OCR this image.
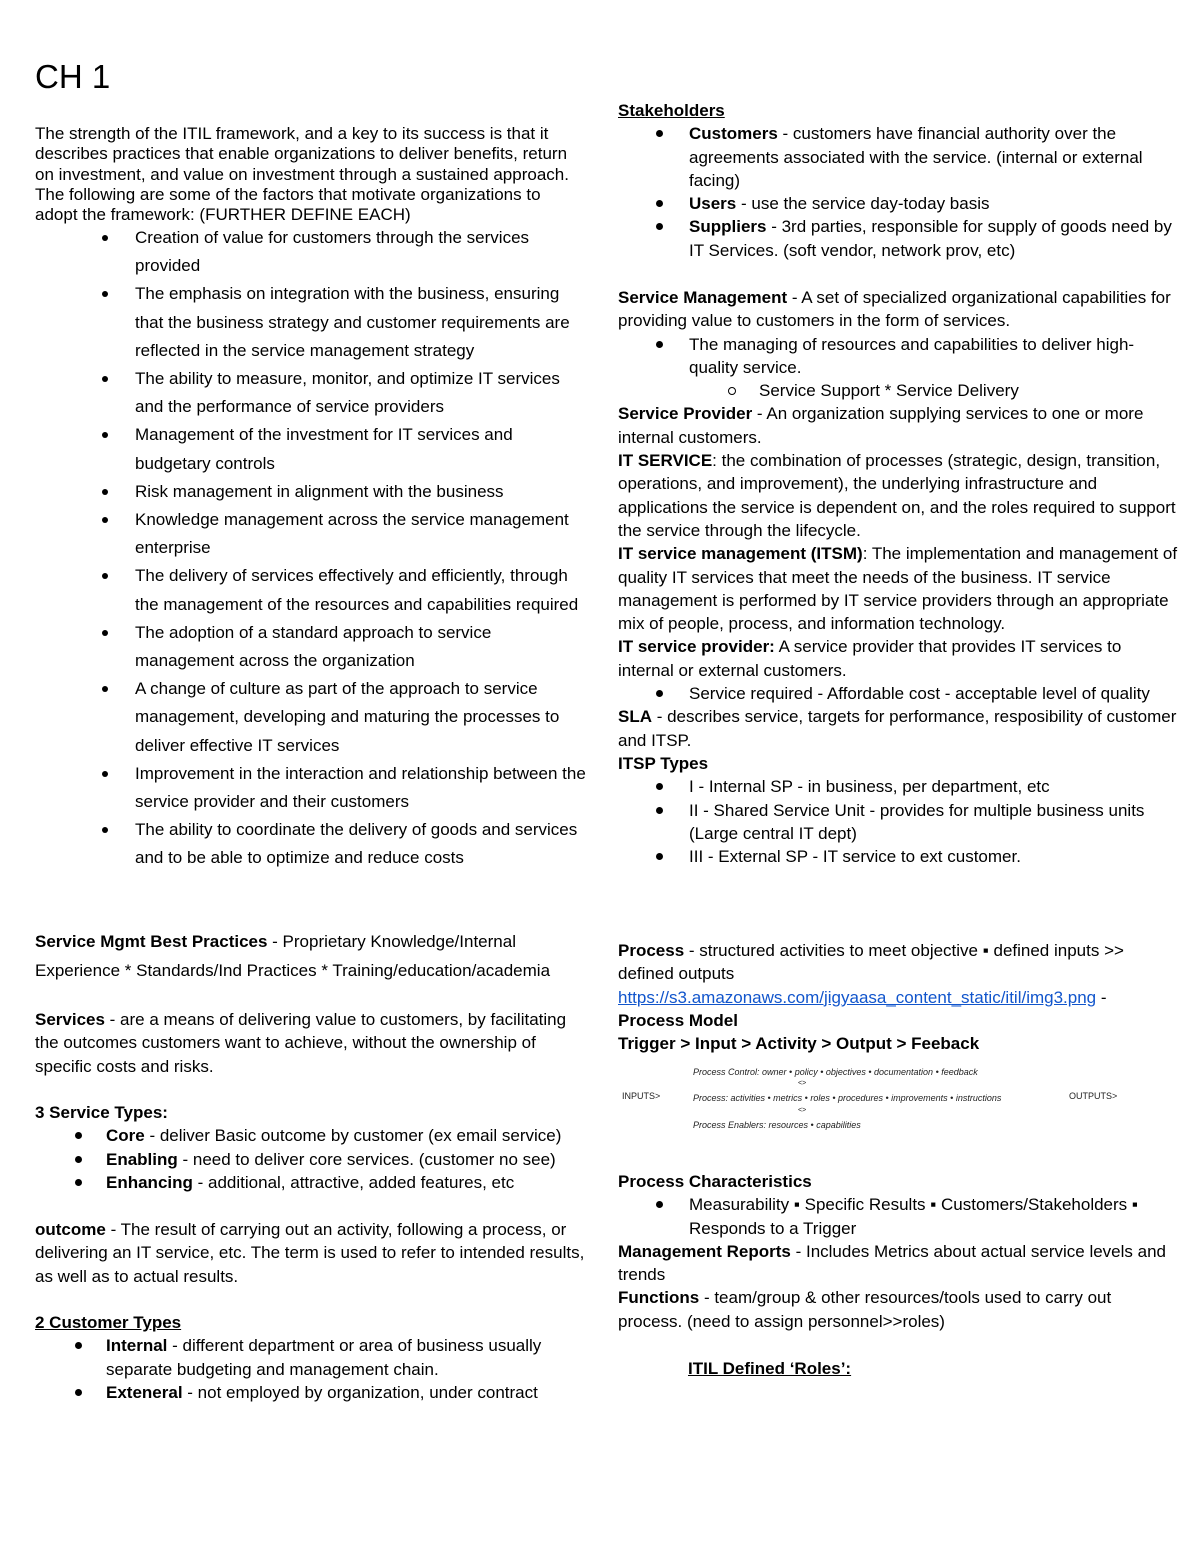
CH 1

The strength of the ITIL framework, and a key to its success is that it describes practices that enable organizations to deliver benefits, return on investment, and value on investment through a sustained approach. The following are some of the factors that motivate organizations to adopt the framework: (FURTHER DEFINE EACH)

Creation of value for customers through the services provided
The emphasis on integration with the business, ensuring that the business strategy and customer requirements are reflected in the service management strategy
The ability to measure, monitor, and optimize IT services and the performance of service providers
Management of the investment for IT services and budgetary controls
Risk management in alignment with the business
Knowledge management across the service management enterprise
The delivery of services effectively and efficiently, through the management of the resources and capabilities required
The adoption of a standard approach to service management across the organization
A change of culture as part of the approach to service management, developing and maturing the processes to deliver effective IT services
Improvement in the interaction and relationship between the service provider and their customers
The ability to coordinate the delivery of goods and services and to be able to optimize and reduce costs

Service Mgmt Best Practices - Proprietary Knowledge/Internal Experience * Standards/Ind Practices * Training/education/academia

Services - are a means of delivering value to customers, by facilitating the outcomes customers want to achieve, without the ownership of specific costs and risks.

3 Service Types:

Core - deliver Basic outcome by customer (ex email service)
Enabling - need to deliver core services. (customer no see)
Enhancing - additional, attractive, added features, etc

outcome - The result of carrying out an activity, following a process, or delivering an IT service, etc. The term is used to refer to intended results, as well as to actual results.

2 Customer Types

Internal - different department or area of business usually separate budgeting and management chain.
Exteneral - not employed by organization, under contract

Stakeholders

Customers - customers have financial authority over the agreements associated with the service. (internal or external facing)
Users - use the service day-today basis
Suppliers - 3rd parties, responsible for supply of goods need by IT Services. (soft vendor, network prov, etc)

Service Management - A set of specialized organizational capabilities for providing value to customers in the form of services.

The managing of resources and capabilities to deliver high-quality service.
Service Support * Service Delivery

Service Provider - An organization supplying services to one or more internal customers.

IT SERVICE: the combination of processes (strategic, design, transition, operations, and improvement), the underlying infrastructure and applications the service is dependent on, and the roles required to support the service through the lifecycle.

IT service management (ITSM): The implementation and management of quality IT services that meet the needs of the business. IT service management is performed by IT service providers through an appropriate mix of people, process, and information technology.

IT service provider: A service provider that provides IT services to internal or external customers.

Service required - Affordable cost - acceptable level of quality

SLA - describes service, targets for performance, resposibility of customer and ITSP.

ITSP Types

I - Internal SP - in business, per department, etc
II - Shared Service Unit - provides for multiple business units (Large central IT dept)
III - External SP - IT service to ext customer.

Process - structured activities to meet objective ▪ defined inputs >> defined outputs

https://s3.amazonaws.com/jigyaasa_content_static/itil/img3.png -

Process Model

Trigger > Input > Activity > Output > Feeback

INPUTS>
Process Control: owner • policy • objectives • documentation • feedback
<>
Process: activities • metrics • roles • procedures • improvements • instructions
<>
Process Enablers: resources • capabilities
OUTPUTS>

Process Characteristics

Measurability ▪ Specific Results ▪ Customers/Stakeholders ▪ Responds to a Trigger

Management Reports - Includes Metrics about actual service levels and trends

Functions - team/group & other resources/tools used to carry out process. (need to assign personnel>>roles)

ITIL Defined ‘Roles’:
